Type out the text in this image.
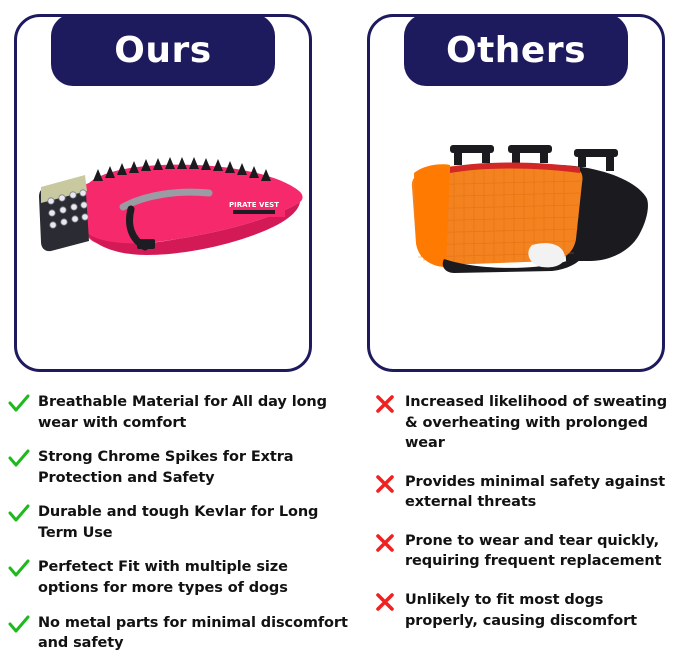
Ours
PIRATE VEST
Others
Breathable Material for All day long wear with comfort
Strong Chrome Spikes for Extra Protection and Safety
Durable and tough Kevlar for Long Term Use
Perfetect Fit with multiple size options for more types of dogs
No metal parts for minimal discomfort and safety
Increased likelihood of sweating & overheating with prolonged wear
Provides minimal safety against external threats
Prone to wear and tear quickly, requiring frequent replacement
Unlikely to fit most dogs properly, causing discomfort
